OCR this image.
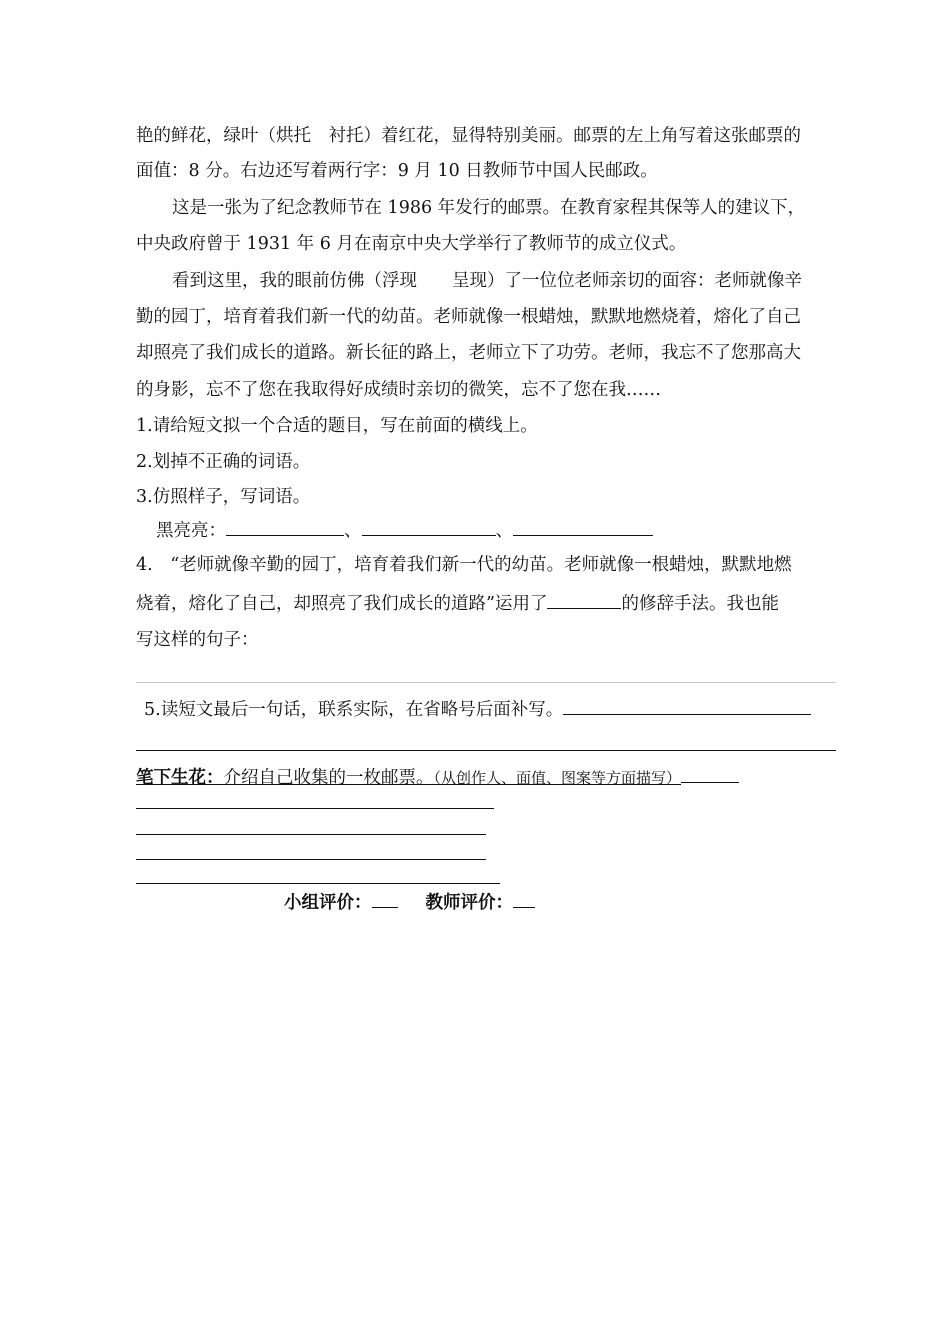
艳的鲜花，绿叶（烘托　衬托）着红花，显得特别美丽。邮票的左上角写着这张邮票的
面值：8 分。右边还写着两行字：9 月 10 日教师节中国人民邮政。
这是一张为了纪念教师节在 1986 年发行的邮票。在教育家程其保等人的建议下，
中央政府曾于 1931 年 6 月在南京中央大学举行了教师节的成立仪式。
看到这里，我的眼前仿佛（浮现　　呈现）了一位位老师亲切的面容：老师就像辛
勤的园丁，培育着我们新一代的幼苗。老师就像一根蜡烛，默默地燃烧着，熔化了自己
却照亮了我们成长的道路。新长征的路上，老师立下了功劳。老师，我忘不了您那高大
的身影，忘不了您在我取得好成绩时亲切的微笑，忘不了您在我……
1.请给短文拟一个合适的题目，写在前面的横线上。
2.划掉不正确的词语。
3.仿照样子，写词语。
黑亮亮：	、	、
4.　“老师就像辛勤的园丁，培育着我们新一代的幼苗。老师就像一根蜡烛，默默地燃
烧着，熔化了自己，却照亮了我们成长的道路”运用了	的修辞手法。我也能
写这样的句子：
5.读短文最后一句话，联系实际，在省略号后面补写。
笔下生花：介绍自己收集的一枚邮票。（从创作人、面值、图案等方面描写）
小组评价：	教师评价：
